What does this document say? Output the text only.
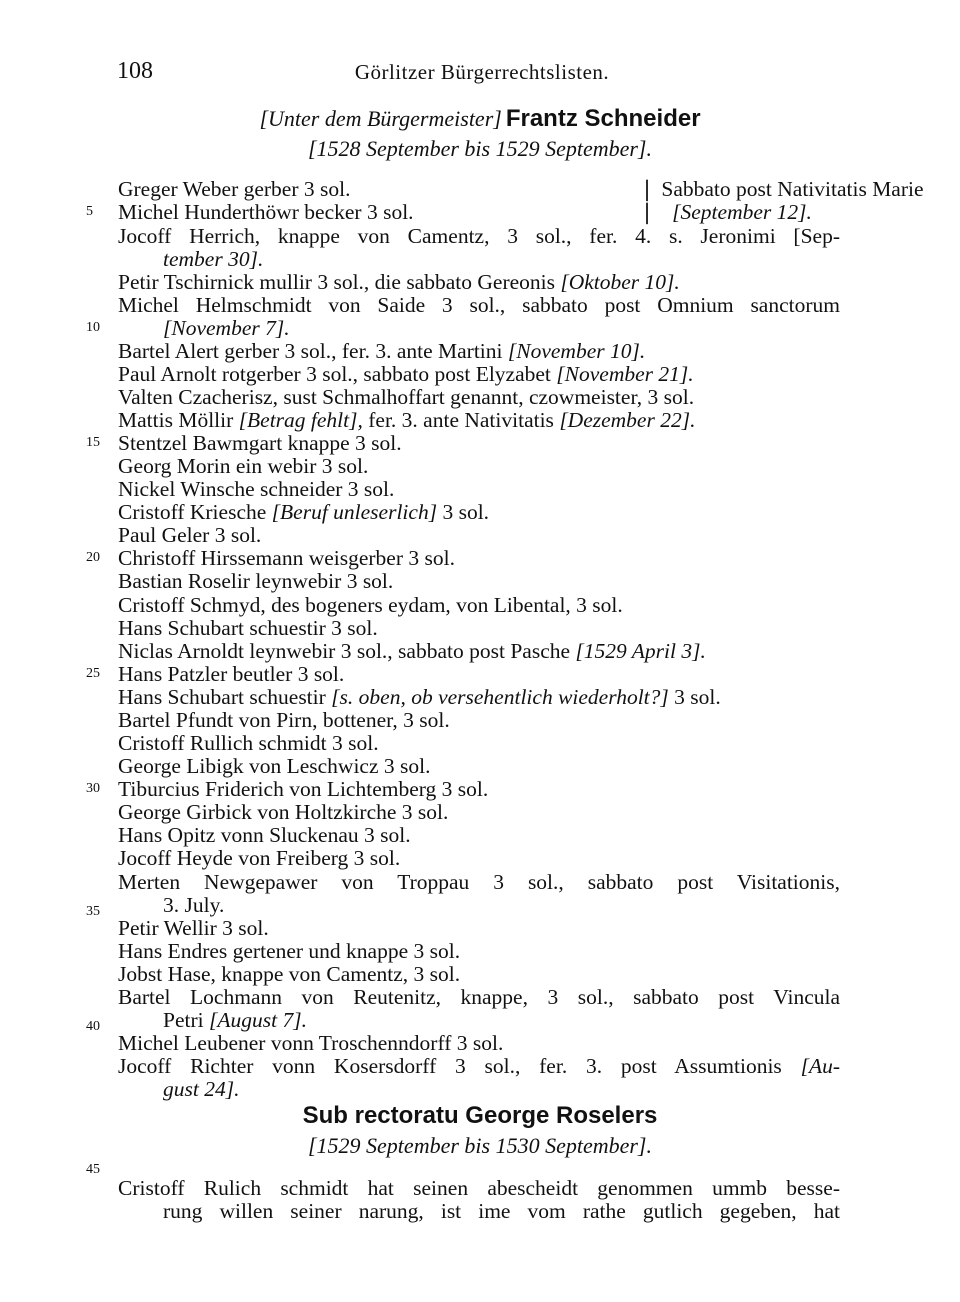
108	Görlitzer Bürgerrechtslisten.
[Unter dem Bürgermeister] Frantz Schneider
[1528 September bis 1529 September].
5
10
15
20
25
30
35
40
45
Greger Weber gerber 3 sol.	❘ Sabbato post Nativitatis Marie
Michel Hunderthöwr becker 3 sol.	❘   [September 12].
Jocoff Herrich, knappe von Camentz, 3 sol., fer. 4. s. Jeronimi [Sep-
tember 30].
Petir Tschirnick mullir 3 sol., die sabbato Gereonis [Oktober 10].
Michel Helmschmidt von Saide 3 sol., sabbato post Omnium sanctorum
[November 7].
Bartel Alert gerber 3 sol., fer. 3. ante Martini [November 10].
Paul Arnolt rotgerber 3 sol., sabbato post Elyzabet [November 21].
Valten Czacherisz, sust Schmalhoffart genannt, czowmeister, 3 sol.
Mattis Möllir [Betrag fehlt], fer. 3. ante Nativitatis [Dezember 22].
Stentzel Bawmgart knappe 3 sol.
Georg Morin ein webir 3 sol.
Nickel Winsche schneider 3 sol.
Cristoff Kriesche [Beruf unleserlich] 3 sol.
Paul Geler 3 sol.
Christoff Hirssemann weisgerber 3 sol.
Bastian Roselir leynwebir 3 sol.
Cristoff Schmyd, des bogeners eydam, von Libental, 3 sol.
Hans Schubart schuestir 3 sol.
Niclas Arnoldt leynwebir 3 sol., sabbato post Pasche [1529 April 3].
Hans Patzler beutler 3 sol.
Hans Schubart schuestir [s. oben, ob versehentlich wiederholt?] 3 sol.
Bartel Pfundt von Pirn, bottener, 3 sol.
Cristoff Rullich schmidt 3 sol.
George Libigk von Leschwicz 3 sol.
Tiburcius Friderich von Lichtemberg 3 sol.
George Girbick von Holtzkirche 3 sol.
Hans Opitz vonn Sluckenau 3 sol.
Jocoff Heyde von Freiberg 3 sol.
Merten Newgepawer von Troppau 3 sol., sabbato post Visitationis,
3. July.
Petir Wellir 3 sol.
Hans Endres gertener und knappe 3 sol.
Jobst Hase, knappe von Camentz, 3 sol.
Bartel Lochmann von Reutenitz, knappe, 3 sol., sabbato post Vincula
Petri [August 7].
Michel Leubener vonn Troschenndorff 3 sol.
Jocoff Richter vonn Kosersdorff 3 sol., fer. 3. post Assumtionis [Au-
gust 24].
Sub rectoratu George Roselers
[1529 September bis 1530 September].
Cristoff Rulich schmidt hat seinen abescheidt genommen ummb besse-
rung willen seiner narung, ist ime vom rathe gutlich gegeben, hat
